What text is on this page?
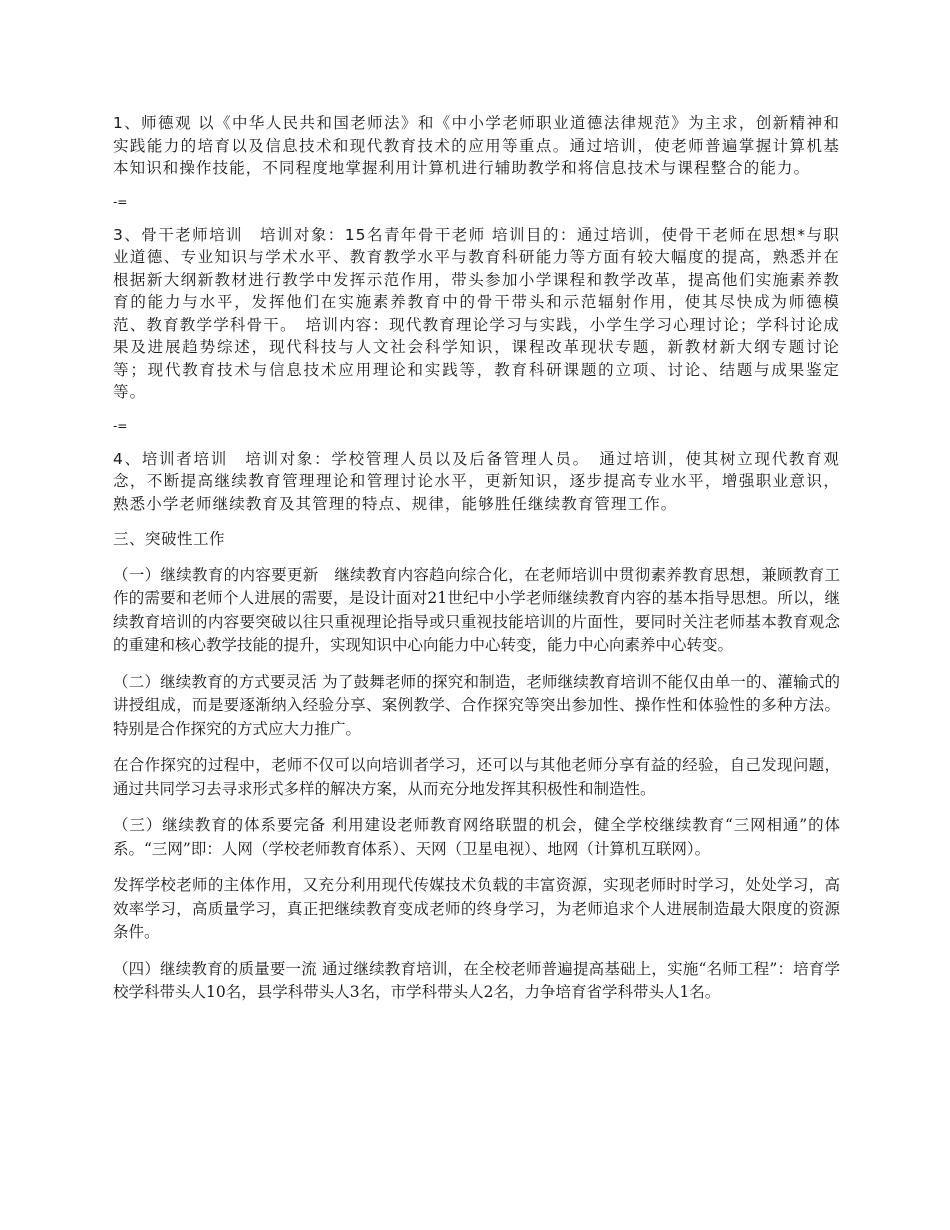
1、师德观 以《中华人民共和国老师法》和《中小学老师职业道德法律规范》为主求，创新精神和实践能力的培育以及信息技术和现代教育技术的应用等重点。通过培训，使老师普遍掌握计算机基本知识和操作技能，不同程度地掌握利用计算机进行辅助教学和将信息技术与课程整合的能力。

-=

3、骨干老师培训　培训对象：15名青年骨干老师 培训目的：通过培训，使骨干老师在思想*与职业道德、专业知识与学术水平、教育教学水平与教育科研能力等方面有较大幅度的提高，熟悉并在根据新大纲新教材进行教学中发挥示范作用，带头参加小学课程和教学改革，提高他们实施素养教育的能力与水平，发挥他们在实施素养教育中的骨干带头和示范辐射作用，使其尽快成为师德模范、教育教学学科骨干。　培训内容：现代教育理论学习与实践，小学生学习心理讨论；学科讨论成果及进展趋势综述，现代科技与人文社会科学知识，课程改革现状专题，新教材新大纲专题讨论等；现代教育技术与信息技术应用理论和实践等，教育科研课题的立项、讨论、结题与成果鉴定等。

-=

4、培训者培训　培训对象：学校管理人员以及后备管理人员。　通过培训，使其树立现代教育观念，不断提高继续教育管理理论和管理讨论水平，更新知识，逐步提高专业水平，增强职业意识，熟悉小学老师继续教育及其管理的特点、规律，能够胜任继续教育管理工作。

三、突破性工作

（一）继续教育的内容要更新　继续教育内容趋向综合化，在老师培训中贯彻素养教育思想，兼顾教育工作的需要和老师个人进展的需要，是设计面对21世纪中小学老师继续教育内容的基本指导思想。所以，继续教育培训的内容要突破以往只重视理论指导或只重视技能培训的片面性，要同时关注老师基本教育观念的重建和核心教学技能的提升，实现知识中心向能力中心转变，能力中心向素养中心转变。

（二）继续教育的方式要灵活 为了鼓舞老师的探究和制造，老师继续教育培训不能仅由单一的、灌输式的讲授组成，而是要逐渐纳入经验分享、案例教学、合作探究等突出参加性、操作性和体验性的多种方法。特别是合作探究的方式应大力推广。

在合作探究的过程中，老师不仅可以向培训者学习，还可以与其他老师分享有益的经验，自己发现问题，通过共同学习去寻求形式多样的解决方案，从而充分地发挥其积极性和制造性。

（三）继续教育的体系要完备 利用建设老师教育网络联盟的机会，健全学校继续教育“三网相通”的体系。“三网”即：人网（学校老师教育体系）、天网（卫星电视）、地网（计算机互联网）。

发挥学校老师的主体作用，又充分利用现代传媒技术负载的丰富资源，实现老师时时学习，处处学习，高效率学习，高质量学习，真正把继续教育变成老师的终身学习，为老师追求个人进展制造最大限度的资源条件。

（四）继续教育的质量要一流 通过继续教育培训，在全校老师普遍提高基础上，实施“名师工程”：培育学校学科带头人10名，县学科带头人3名，市学科带头人2名，力争培育省学科带头人1名。
